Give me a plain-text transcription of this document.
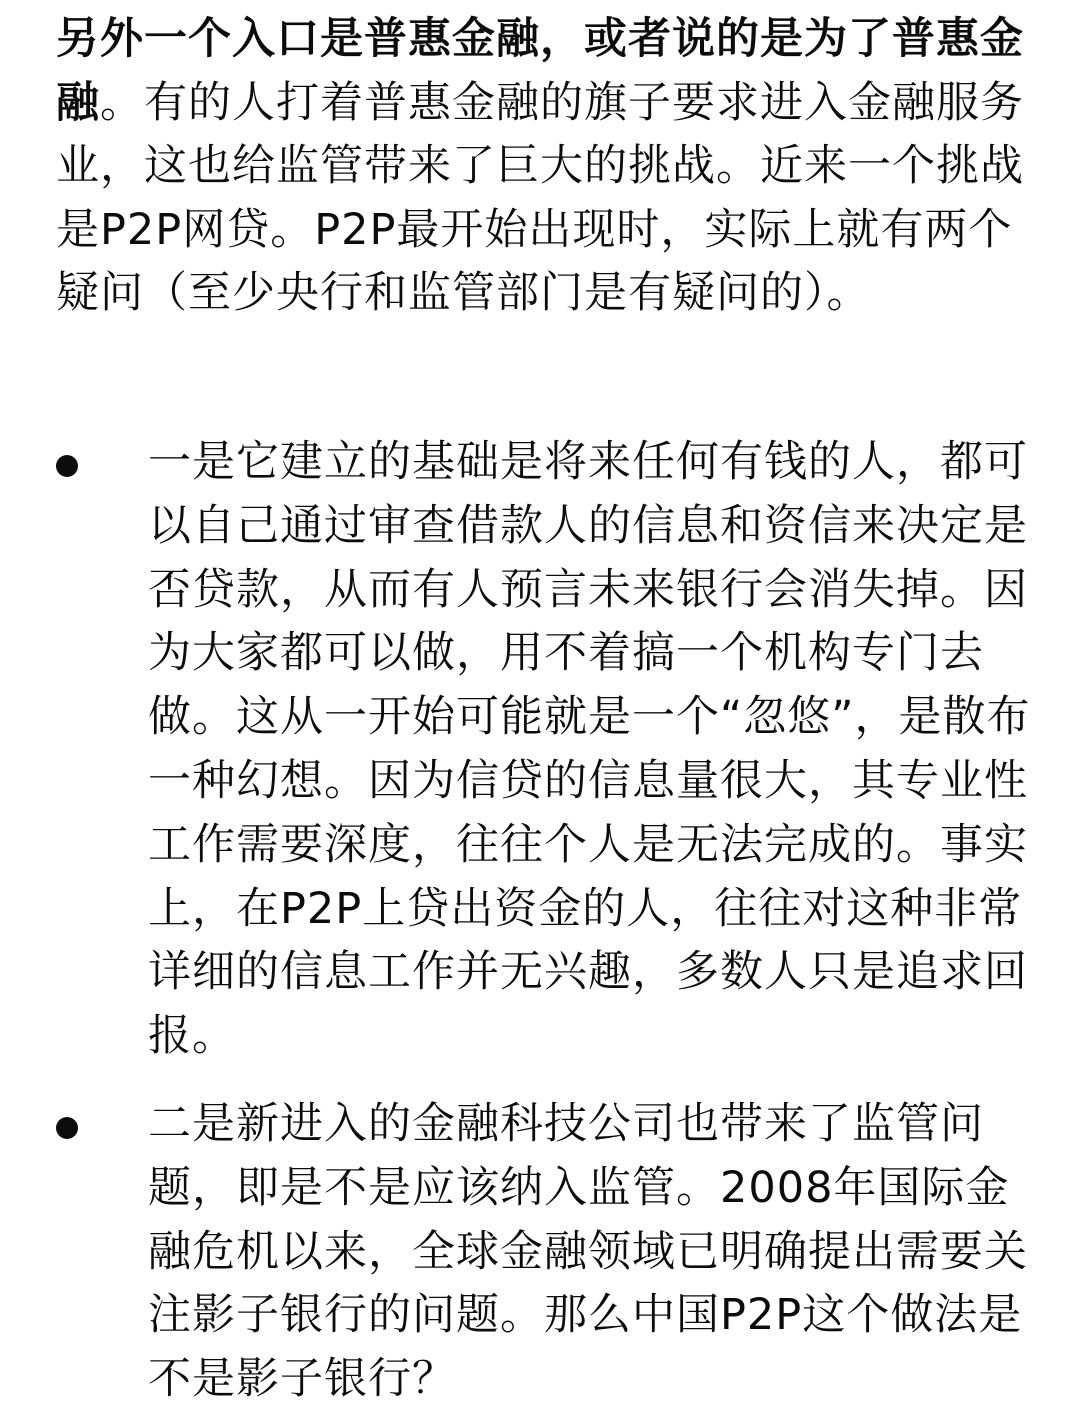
另外一个入口是普惠金融，或者说的是为了普惠金融。有的人打着普惠金融的旗子要求进入金融服务业，这也给监管带来了巨大的挑战。近来一个挑战是P2P网贷。P2P最开始出现时，实际上就有两个疑问（至少央行和监管部门是有疑问的）。

一是它建立的基础是将来任何有钱的人，都可以自己通过审查借款人的信息和资信来决定是否贷款，从而有人预言未来银行会消失掉。因为大家都可以做，用不着搞一个机构专门去做。这从一开始可能就是一个“忽悠”，是散布一种幻想。因为信贷的信息量很大，其专业性工作需要深度，往往个人是无法完成的。事实上，在P2P上贷出资金的人，往往对这种非常详细的信息工作并无兴趣，多数人只是追求回报。

二是新进入的金融科技公司也带来了监管问题，即是不是应该纳入监管。2008年国际金融危机以来，全球金融领域已明确提出需要关注影子银行的问题。那么中国P2P这个做法是不是影子银行？
